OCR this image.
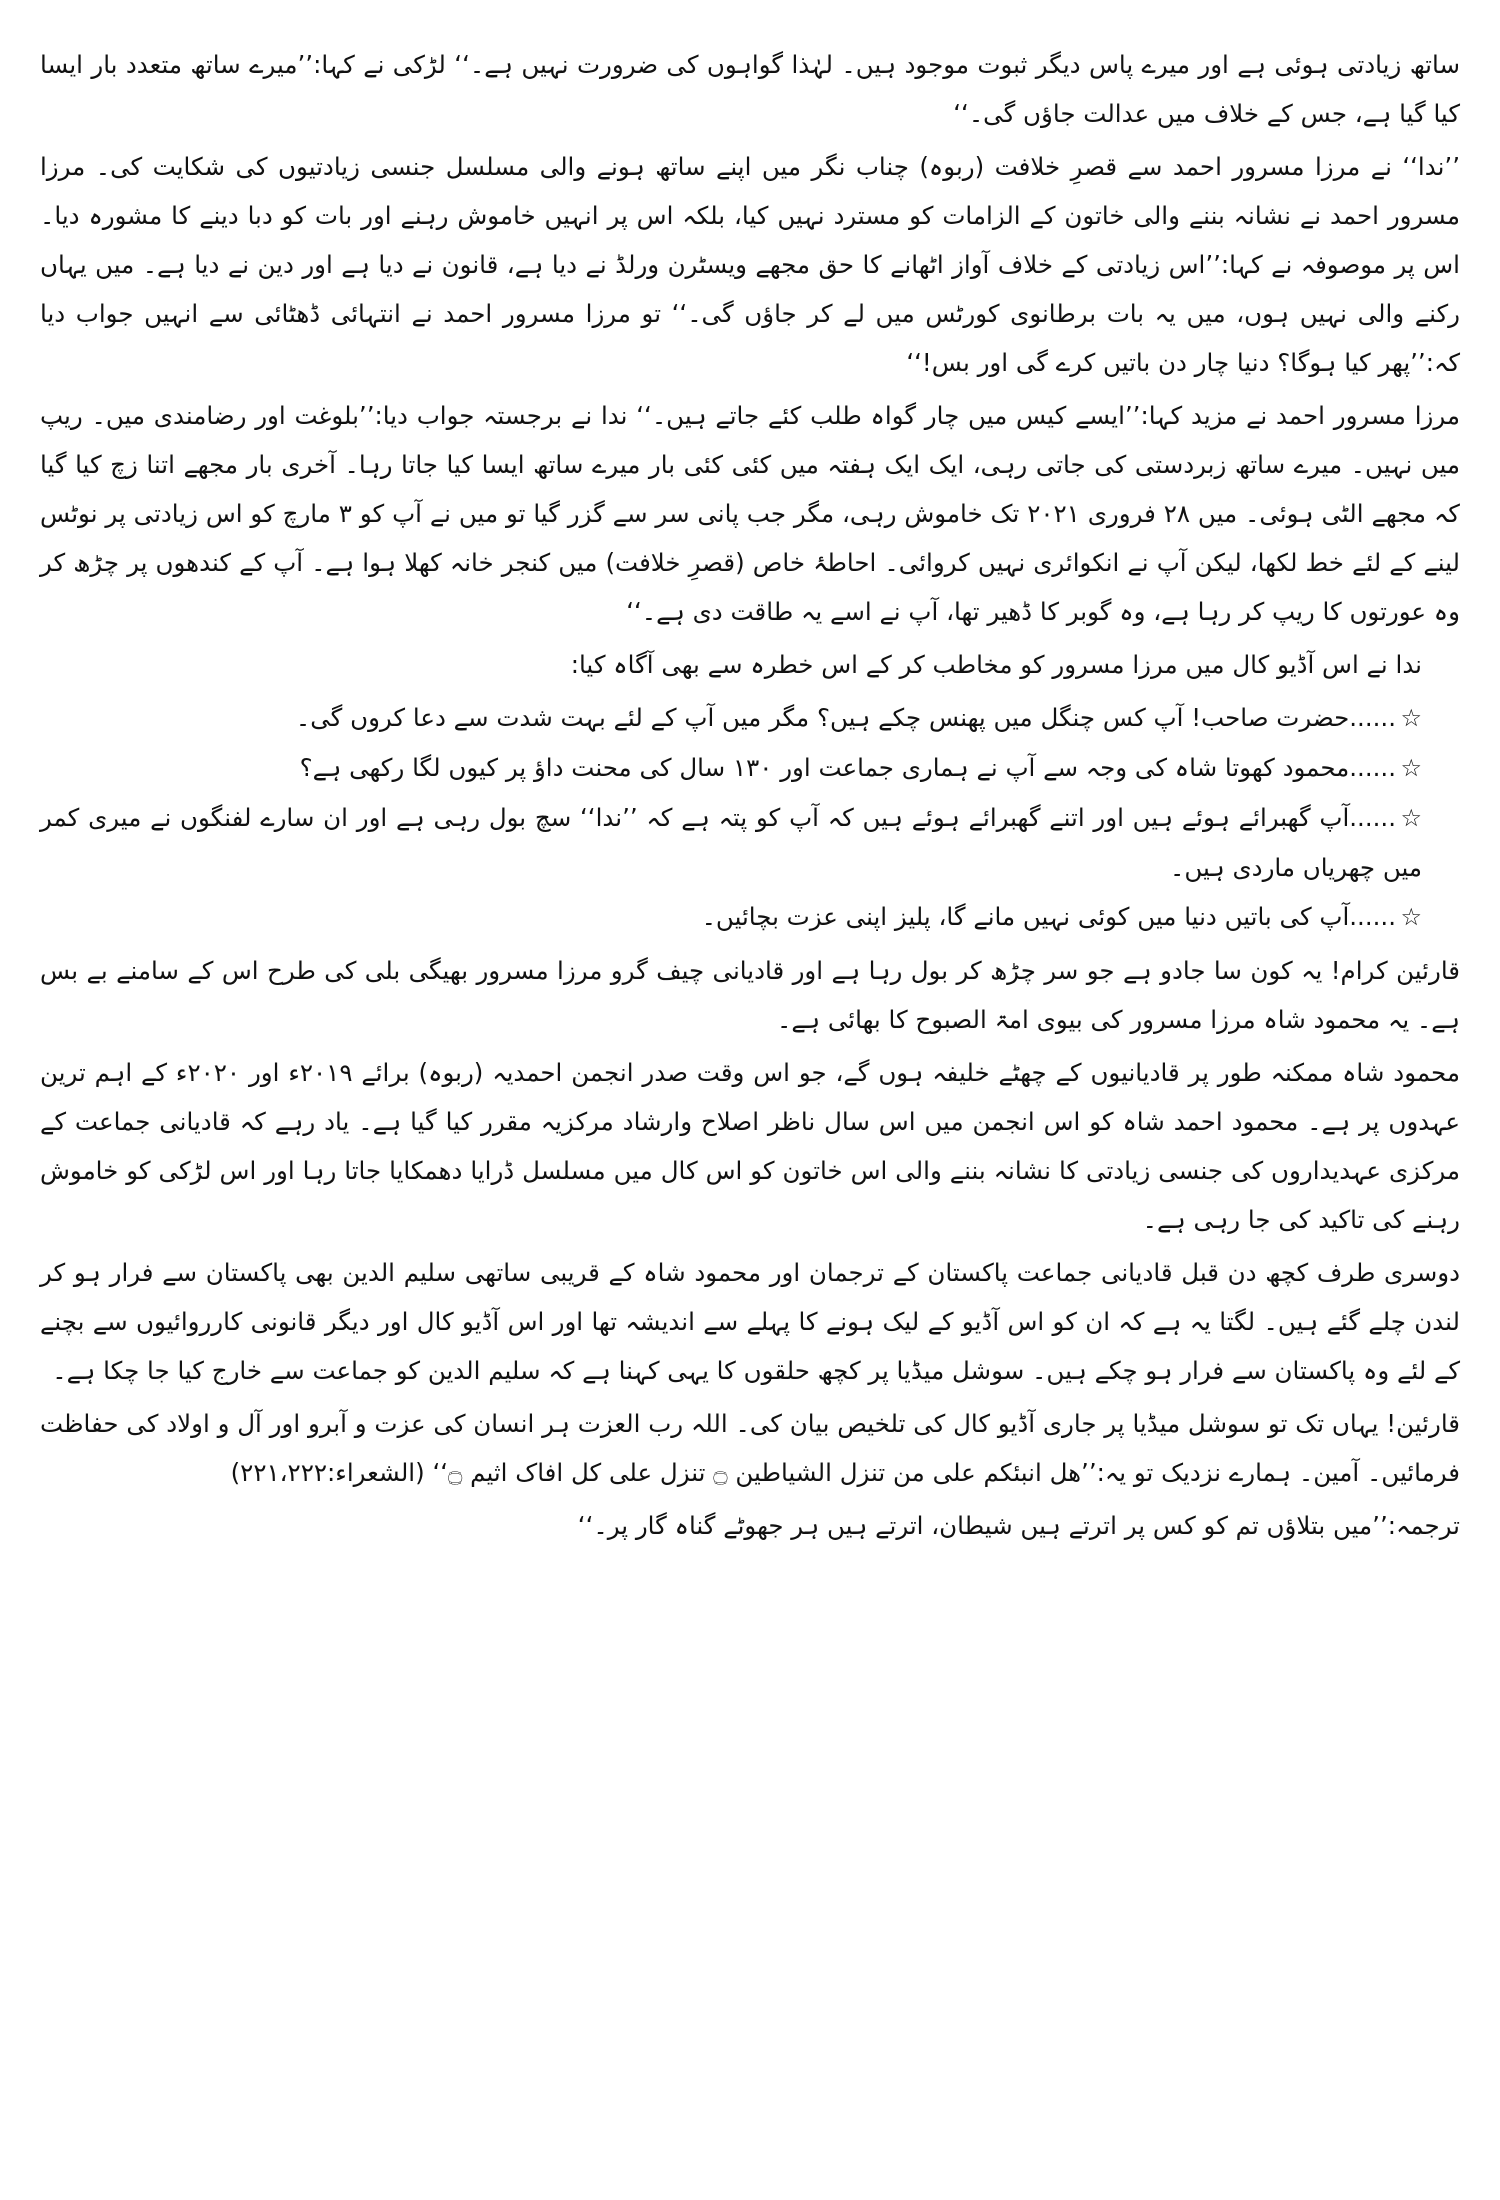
ساتھ زیادتی ہوئی ہے اور میرے پاس دیگر ثبوت موجود ہیں۔ لہٰذا گواہوں کی ضرورت نہیں ہے۔‘‘ لڑکی نے کہا:’’میرے ساتھ متعدد بار ایسا کیا گیا ہے، جس کے خلاف میں عدالت جاؤں گی۔‘‘

’’ندا‘‘ نے مرزا مسرور احمد سے قصرِ خلافت (ربوہ) چناب نگر میں اپنے ساتھ ہونے والی مسلسل جنسی زیادتیوں کی شکایت کی۔ مرزا مسرور احمد نے نشانہ بننے والی خاتون کے الزامات کو مسترد نہیں کیا، بلکہ اس پر انہیں خاموش رہنے اور بات کو دبا دینے کا مشورہ دیا۔ اس پر موصوفہ نے کہا:’’اس زیادتی کے خلاف آواز اٹھانے کا حق مجھے ویسٹرن ورلڈ نے دیا ہے، قانون نے دیا ہے اور دین نے دیا ہے۔ میں یہاں رکنے والی نہیں ہوں، میں یہ بات برطانوی کورٹس میں لے کر جاؤں گی۔‘‘ تو مرزا مسرور احمد نے انتہائی ڈھٹائی سے انہیں جواب دیا کہ:’’پھر کیا ہوگا؟ دنیا چار دن باتیں کرے گی اور بس!‘‘

مرزا مسرور احمد نے مزید کہا:’’ایسے کیس میں چار گواہ طلب کئے جاتے ہیں۔‘‘ ندا نے برجستہ جواب دیا:’’بلوغت اور رضامندی میں۔ ریپ میں نہیں۔ میرے ساتھ زبردستی کی جاتی رہی، ایک ایک ہفتہ میں کئی کئی بار میرے ساتھ ایسا کیا جاتا رہا۔ آخری بار مجھے اتنا زچ کیا گیا کہ مجھے الٹی ہوئی۔ میں ۲۸ فروری ۲۰۲۱ تک خاموش رہی، مگر جب پانی سر سے گزر گیا تو میں نے آپ کو ۳ مارچ کو اس زیادتی پر نوٹس لینے کے لئے خط لکھا، لیکن آپ نے انکوائری نہیں کروائی۔ احاطۂ خاص (قصرِ خلافت) میں کنجر خانہ کھلا ہوا ہے۔ آپ کے کندھوں پر چڑھ کر وہ عورتوں کا ریپ کر رہا ہے، وہ گوبر کا ڈھیر تھا، آپ نے اسے یہ طاقت دی ہے۔‘‘

ندا نے اس آڈیو کال میں مرزا مسرور کو مخاطب کر کے اس خطرہ سے بھی آگاہ کیا:

☆......حضرت صاحب! آپ کس چنگل میں پھنس چکے ہیں؟ مگر میں آپ کے لئے بہت شدت سے دعا کروں گی۔
☆......محمود کھوتا شاہ کی وجہ سے آپ نے ہماری جماعت اور ۱۳۰ سال کی محنت داؤ پر کیوں لگا رکھی ہے؟
☆......آپ گھبرائے ہوئے ہیں اور اتنے گھبرائے ہوئے ہیں کہ آپ کو پتہ ہے کہ ’’ندا‘‘ سچ بول رہی ہے اور ان سارے لفنگوں نے میری کمر میں چھریاں ماردی ہیں۔
☆......آپ کی باتیں دنیا میں کوئی نہیں مانے گا، پلیز اپنی عزت بچائیں۔

قارئین کرام! یہ کون سا جادو ہے جو سر چڑھ کر بول رہا ہے اور قادیانی چیف گرو مرزا مسرور بھیگی بلی کی طرح اس کے سامنے بے بس ہے۔ یہ محمود شاہ مرزا مسرور کی بیوی امۃ الصبوح کا بھائی ہے۔

محمود شاہ ممکنہ طور پر قادیانیوں کے چھٹے خلیفہ ہوں گے، جو اس وقت صدر انجمن احمدیہ (ربوہ) برائے ۲۰۱۹ء اور ۲۰۲۰ء کے اہم ترین عہدوں پر ہے۔ محمود احمد شاہ کو اس انجمن میں اس سال ناظر اصلاح وارشاد مرکزیہ مقرر کیا گیا ہے۔ یاد رہے کہ قادیانی جماعت کے مرکزی عہدیداروں کی جنسی زیادتی کا نشانہ بننے والی اس خاتون کو اس کال میں مسلسل ڈرایا دھمکایا جاتا رہا اور اس لڑکی کو خاموش رہنے کی تاکید کی جا رہی ہے۔

دوسری طرف کچھ دن قبل قادیانی جماعت پاکستان کے ترجمان اور محمود شاہ کے قریبی ساتھی سلیم الدین بھی پاکستان سے فرار ہو کر لندن چلے گئے ہیں۔ لگتا یہ ہے کہ ان کو اس آڈیو کے لیک ہونے کا پہلے سے اندیشہ تھا اور اس آڈیو کال اور دیگر قانونی کارروائیوں سے بچنے کے لئے وہ پاکستان سے فرار ہو چکے ہیں۔ سوشل میڈیا پر کچھ حلقوں کا یہی کہنا ہے کہ سلیم الدین کو جماعت سے خارج کیا جا چکا ہے۔

قارئین! یہاں تک تو سوشل میڈیا پر جاری آڈیو کال کی تلخیص بیان کی۔ اللہ رب العزت ہر انسان کی عزت و آبرو اور آل و اولاد کی حفاظت فرمائیں۔ آمین۔ ہمارے نزدیک تو یہ:’’ھل انبئکم علی من تنزل الشیاطین ۝ تنزل علی کل افاک اثیم ۝‘‘ (الشعراء:۲۲۱،۲۲۲)

ترجمہ:’’میں بتلاؤں تم کو کس پر اترتے ہیں شیطان، اترتے ہیں ہر جھوٹے گناہ گار پر۔‘‘
